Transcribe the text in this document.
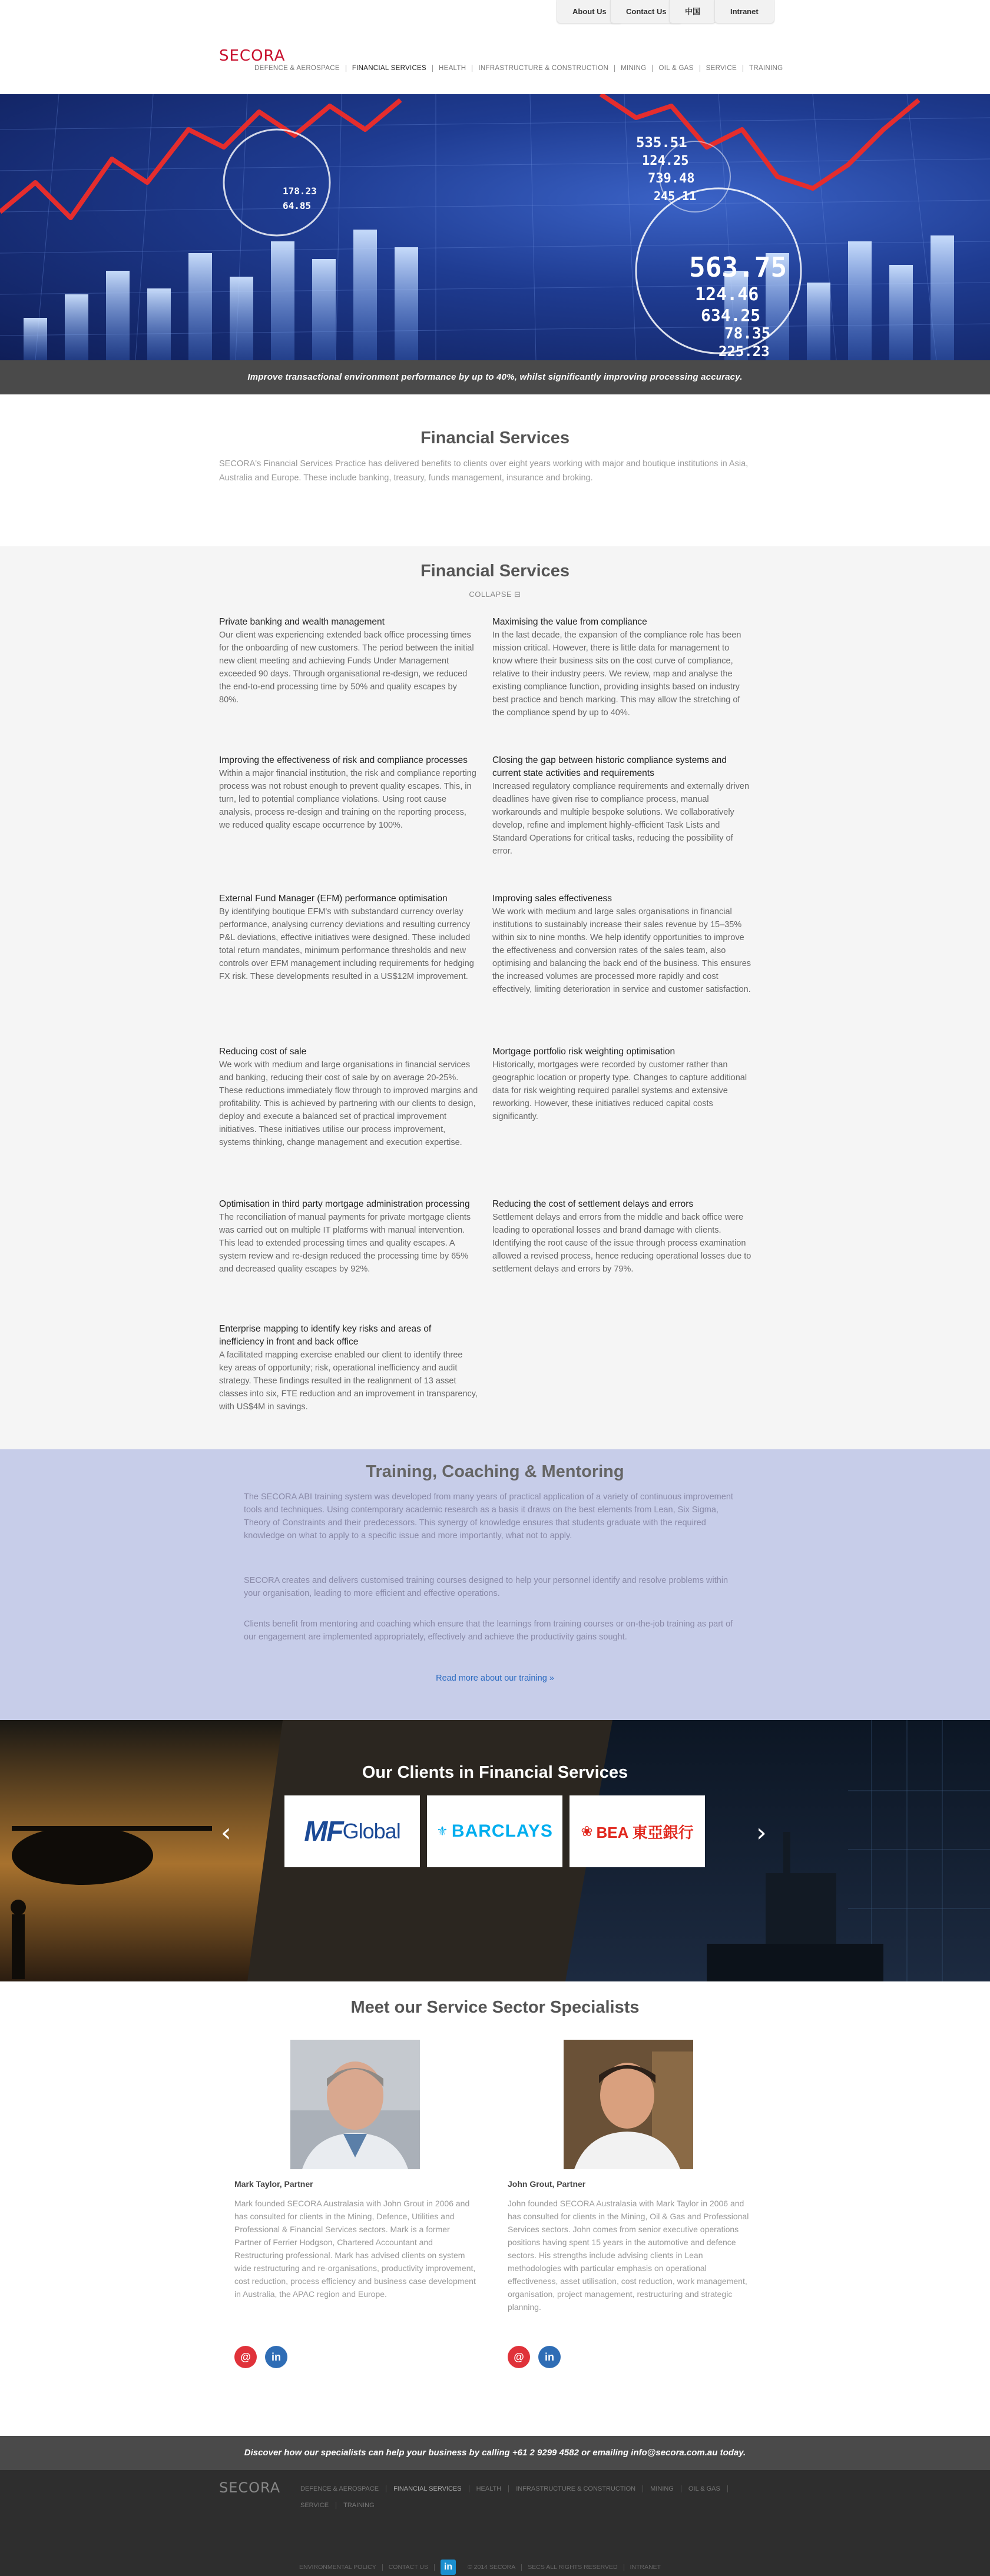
About Us	Contact Us	中国	Intranet
SECORA
DEFENCE & AEROSPACE	FINANCIAL SERVICES	HEALTH	INFRASTRUCTURE & CONSTRUCTION	MINING	OIL & GAS	SERVICE	TRAINING
563.75
124.46
634.25
78.35
225.23
535.51
124.25
739.48
245.11
178.23
64.85
Improve transactional environment performance by up to 40%, whilst significantly improving processing accuracy.
Financial Services

SECORA's Financial Services Practice has delivered benefits to clients over eight years working with major and boutique institutions in Asia, Australia and Europe. These include banking, treasury, funds management, insurance and broking.

Financial Services
COLLAPSE ⊟
Private banking and wealth management

Our client was experiencing extended back office processing times for the onboarding of new customers. The period between the initial new client meeting and achieving Funds Under Management exceeded 90 days. Through organisational re-design, we reduced the end-to-end processing time by 50% and quality escapes by 80%.

Maximising the value from compliance

In the last decade, the expansion of the compliance role has been mission critical. However, there is little data for management to know where their business sits on the cost curve of compliance, relative to their industry peers. We review, map and analyse the existing compliance function, providing insights based on industry best practice and bench marking. This may allow the stretching of the compliance spend by up to 40%.

Improving the effectiveness of risk and compliance processes

Within a major financial institution, the risk and compliance reporting process was not robust enough to prevent quality escapes. This, in turn, led to potential compliance violations. Using root cause analysis, process re-design and training on the reporting process, we reduced quality escape occurrence by 100%.

Closing the gap between historic compliance systems and current state activities and requirements

Increased regulatory compliance requirements and externally driven deadlines have given rise to compliance process, manual workarounds and multiple bespoke solutions. We collaboratively develop, refine and implement highly-efficient Task Lists and Standard Operations for critical tasks, reducing the possibility of error.

External Fund Manager (EFM) performance optimisation

By identifying boutique EFM's with substandard currency overlay performance, analysing currency deviations and resulting currency P&L deviations, effective initiatives were designed. These included total return mandates, minimum performance thresholds and new controls over EFM management including requirements for hedging FX risk. These developments resulted in a US$12M improvement.

Improving sales effectiveness

We work with medium and large sales organisations in financial institutions to sustainably increase their sales revenue by 15–35% within six to nine months. We help identify opportunities to improve the effectiveness and conversion rates of the sales team, also optimising and balancing the back end of the business. This ensures the increased volumes are processed more rapidly and cost effectively, limiting deterioration in service and customer satisfaction.

Reducing cost of sale

We work with medium and large organisations in financial services and banking, reducing their cost of sale by on average 20-25%. These reductions immediately flow through to improved margins and profitability. This is achieved by partnering with our clients to design, deploy and execute a balanced set of practical improvement initiatives. These initiatives utilise our process improvement, systems thinking, change management and execution expertise.

Mortgage portfolio risk weighting optimisation

Historically, mortgages were recorded by customer rather than geographic location or property type. Changes to capture additional data for risk weighting required parallel systems and extensive reworking. However, these initiatives reduced capital costs significantly.

Optimisation in third party mortgage administration processing

The reconciliation of manual payments for private mortgage clients was carried out on multiple IT platforms with manual intervention. This lead to extended processing times and quality escapes. A system review and re-design reduced the processing time by 65% and decreased quality escapes by 92%.

Reducing the cost of settlement delays and errors

Settlement delays and errors from the middle and back office were leading to operational losses and brand damage with clients. Identifying the root cause of the issue through process examination allowed a revised process, hence reducing operational losses due to settlement delays and errors by 79%.

Enterprise mapping to identify key risks and areas of inefficiency in front and back office

A facilitated mapping exercise enabled our client to identify three key areas of opportunity; risk, operational inefficiency and audit strategy. These findings resulted in the realignment of 13 asset classes into six, FTE reduction and an improvement in transparency, with US$4M in savings.

Training, Coaching & Mentoring

The SECORA ABI training system was developed from many years of practical application of a variety of continuous improvement tools and techniques. Using contemporary academic research as a basis it draws on the best elements from Lean, Six Sigma, Theory of Constraints and their predecessors. This synergy of knowledge ensures that students graduate with the required knowledge on what to apply to a specific issue and more importantly, what not to apply.

SECORA creates and delivers customised training courses designed to help your personnel identify and resolve problems within your organisation, leading to more efficient and effective operations.

Clients benefit from mentoring and coaching which ensure that the learnings from training courses or on-the-job training as part of our engagement are implemented appropriately, effectively and achieve the productivity gains sought.

Read more about our training »
Our Clients in Financial Services
‹	›
MF Global	⚜ BARCLAYS ❀ BEA 東亞銀行
Meet our Service Sector Specialists
Mark Taylor, Partner
Mark founded SECORA Australasia with John Grout in 2006 and has consulted for clients in the Mining, Defence, Utilities and Professional & Financial Services sectors. Mark is a former Partner of Ferrier Hodgson, Chartered Accountant and Restructuring professional. Mark has advised clients on system wide restructuring and re-organisations, productivity improvement, cost reduction, process efficiency and business case development in Australia, the APAC region and Europe.
John Grout, Partner
John founded SECORA Australasia with Mark Taylor in 2006 and has consulted for clients in the Mining, Oil & Gas and Professional Services sectors. John comes from senior executive operations positions having spent 15 years in the automotive and defence sectors. His strengths include advising clients in Lean methodologies with particular emphasis on operational effectiveness, asset utilisation, cost reduction, work management, organisation, project management, restructuring and strategic planning.
@	in	@	in
Discover how our specialists can help your business by calling +61 2 9299 4582 or emailing info@secora.com.au today.
SECORA	DEFENCE & AEROSPACE	FINANCIAL SERVICES	HEALTH	INFRASTRUCTURE & CONSTRUCTION	MINING	OIL & GAS
SERVICE	TRAINING
ENVIRONMENTAL POLICY	CONTACT US	in	© 2014 SECORA	SECS ALL RIGHTS RESERVED	INTRANET
